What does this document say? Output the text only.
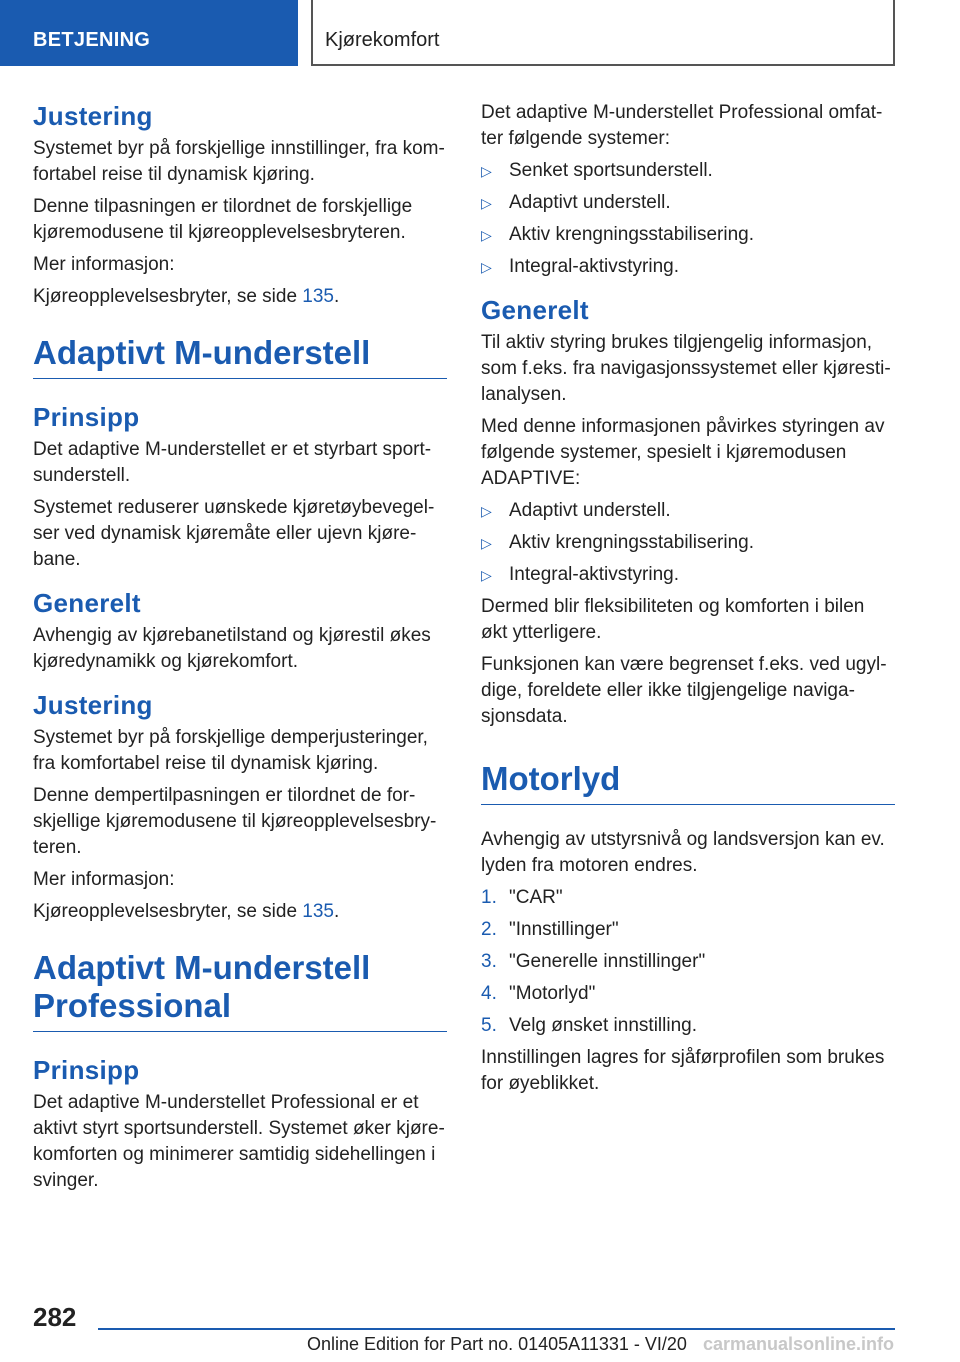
BETJENING	Kjørekomfort
Justering

Systemet byr på forskjellige innstillinger, fra kom-fortabel reise til dynamisk kjøring.

Denne tilpasningen er tilordnet de forskjellige kjøremodusene til kjøreopplevelsesbryteren.

Mer informasjon:

Kjøreopplevelsesbryter, se side 135.

Adaptivt M-understell
Prinsipp

Det adaptive M-understellet er et styrbart sport-sunderstell.

Systemet reduserer uønskede kjøretøybevegel-ser ved dynamisk kjøremåte eller ujevn kjøre-bane.

Generelt

Avhengig av kjørebanetilstand og kjørestil økes kjøredynamikk og kjørekomfort.

Justering

Systemet byr på forskjellige demperjusteringer, fra komfortabel reise til dynamisk kjøring.

Denne dempertilpasningen er tilordnet de for-skjellige kjøremodusene til kjøreopplevelsesbry-teren.

Mer informasjon:

Kjøreopplevelsesbryter, se side 135.

Adaptivt M-understell
Professional
Prinsipp

Det adaptive M-understellet Professional er et aktivt styrt sportsunderstell. Systemet øker kjøre-komforten og minimerer samtidig sidehellingen i svinger.

Det adaptive M-understellet Professional omfat-ter følgende systemer:

▷ Senket sportsunderstell.
▷ Adaptivt understell.
▷ Aktiv krengningsstabilisering.
▷ Integral-aktivstyring.
Generelt

Til aktiv styring brukes tilgjengelig informasjon, som f.eks. fra navigasjonssystemet eller kjøresti-lanalysen.

Med denne informasjonen påvirkes styringen av følgende systemer, spesielt i kjøremodusen ADAPTIVE:

▷ Adaptivt understell.
▷ Aktiv krengningsstabilisering.
▷ Integral-aktivstyring.

Dermed blir fleksibiliteten og komforten i bilen økt ytterligere.

Funksjonen kan være begrenset f.eks. ved ugyl-dige, foreldete eller ikke tilgjengelige naviga-sjonsdata.

Motorlyd

Avhengig av utstyrsnivå og landsversjon kan ev. lyden fra motoren endres.

1. "CAR"
2. "Innstillinger"
3. "Generelle innstillinger"
4. "Motorlyd"
5. Velg ønsket innstilling.

Innstillingen lagres for sjåførprofilen som brukes for øyeblikket.

282
Online Edition for Part no. 01405A11331 - VI/20 carmanualsonline.info
